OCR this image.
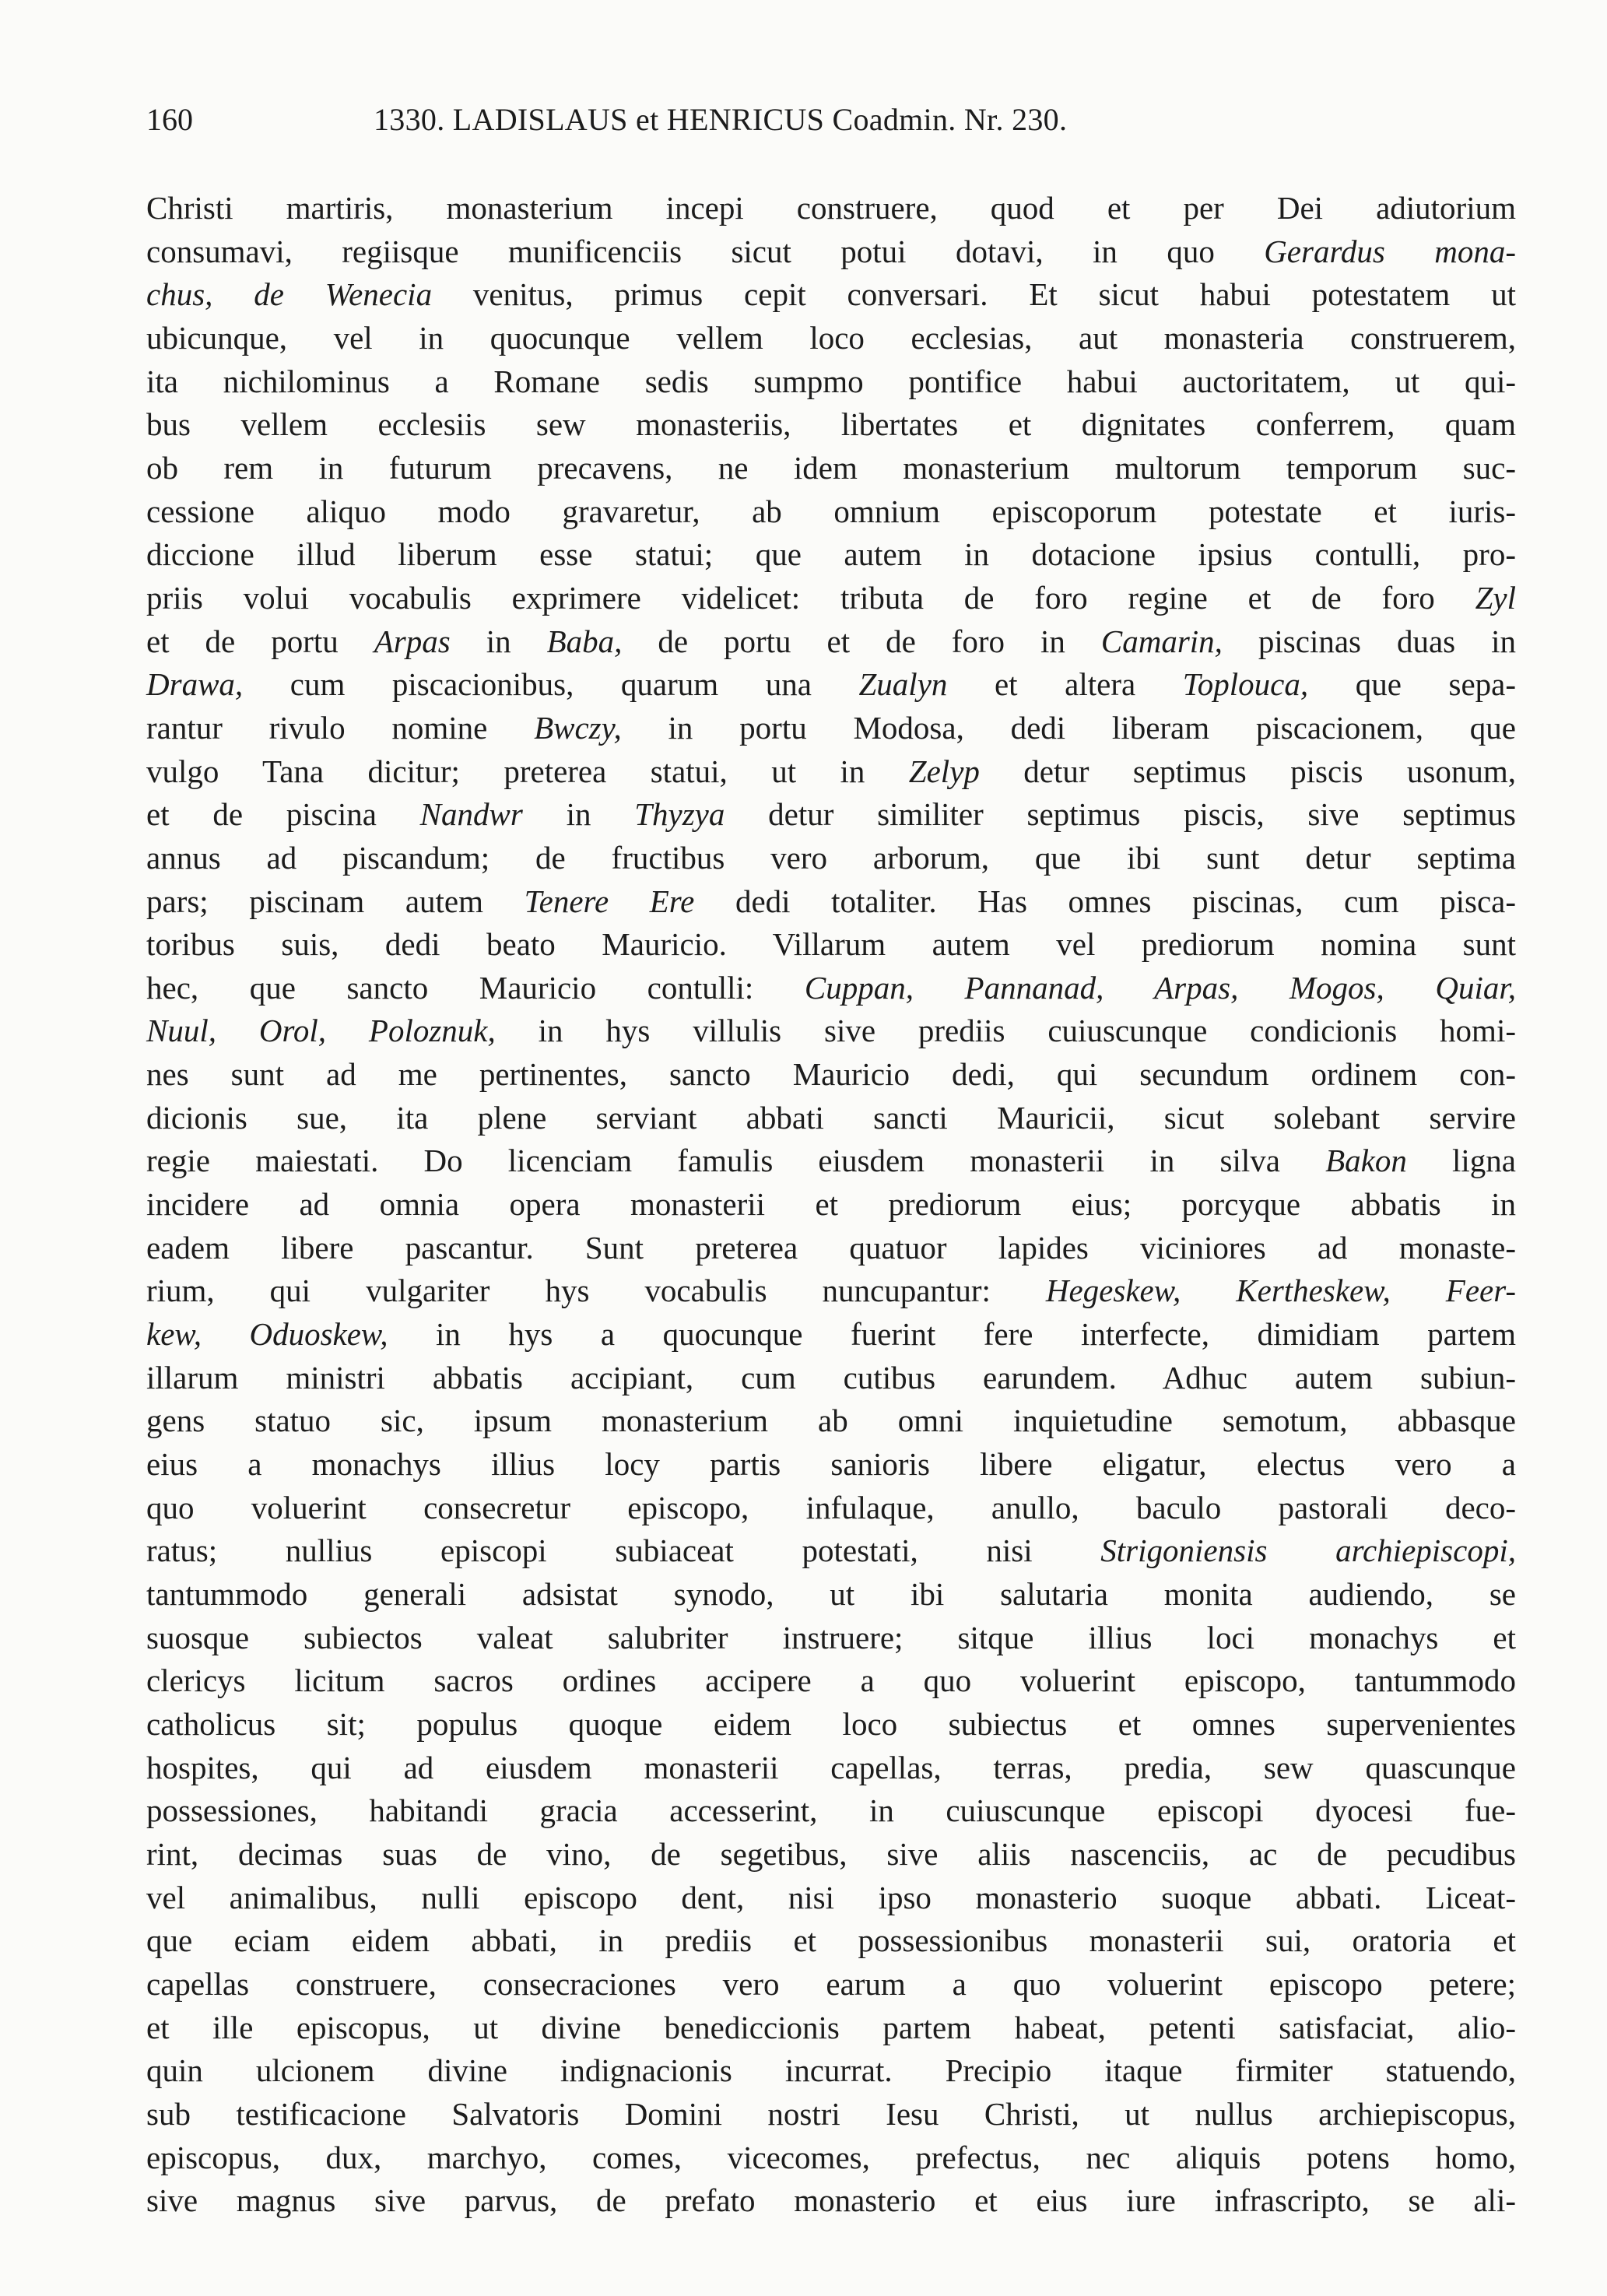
160	1330. LADISLAUS et HENRICUS Coadmin. Nr. 230.
Christi martiris, monasterium incepi construere, quod et per Dei adiutorium
consumavi, regiisque munificenciis sicut potui dotavi, in quo Gerardus mona-
chus, de Wenecia venitus, primus cepit conversari. Et sicut habui potestatem ut
ubicunque, vel in quocunque vellem loco ecclesias, aut monasteria construerem,
ita nichilominus a Romane sedis sumpmo pontifice habui auctoritatem, ut qui-
bus vellem ecclesiis sew monasteriis, libertates et dignitates conferrem, quam
ob rem in futurum precavens, ne idem monasterium multorum temporum suc-
cessione aliquo modo gravaretur, ab omnium episcoporum potestate et iuris-
diccione illud liberum esse statui; que autem in dotacione ipsius contulli, pro-
priis volui vocabulis exprimere videlicet: tributa de foro regine et de foro Zyl
et de portu Arpas in Baba, de portu et de foro in Camarin, piscinas duas in
Drawa, cum piscacionibus, quarum una Zualyn et altera Toplouca, que sepa-
rantur rivulo nomine Bwczy, in portu Modosa, dedi liberam piscacionem, que
vulgo Tana dicitur; preterea statui, ut in Zelyp detur septimus piscis usonum,
et de piscina Nandwr in Thyzya detur similiter septimus piscis, sive septimus
annus ad piscandum; de fructibus vero arborum, que ibi sunt detur septima
pars; piscinam autem Tenere Ere dedi totaliter. Has omnes piscinas, cum pisca-
toribus suis, dedi beato Mauricio. Villarum autem vel prediorum nomina sunt
hec, que sancto Mauricio contulli: Cuppan, Pannanad, Arpas, Mogos, Quiar,
Nuul, Orol, Poloznuk, in hys villulis sive prediis cuiuscunque condicionis homi-
nes sunt ad me pertinentes, sancto Mauricio dedi, qui secundum ordinem con-
dicionis sue, ita plene serviant abbati sancti Mauricii, sicut solebant servire
regie maiestati. Do licenciam famulis eiusdem monasterii in silva Bakon ligna
incidere ad omnia opera monasterii et prediorum eius; porcyque abbatis in
eadem libere pascantur. Sunt preterea quatuor lapides viciniores ad monaste-
rium, qui vulgariter hys vocabulis nuncupantur: Hegeskew, Kertheskew, Feer-
kew, Oduoskew, in hys a quocunque fuerint fere interfecte, dimidiam partem
illarum ministri abbatis accipiant, cum cutibus earundem. Adhuc autem subiun-
gens statuo sic, ipsum monasterium ab omni inquietudine semotum, abbasque
eius a monachys illius locy partis sanioris libere eligatur, electus vero a
quo voluerint consecretur episcopo, infulaque, anullo, baculo pastorali deco-
ratus; nullius episcopi subiaceat potestati, nisi Strigoniensis archiepiscopi,
tantummodo generali adsistat synodo, ut ibi salutaria monita audiendo, se
suosque subiectos valeat salubriter instruere; sitque illius loci monachys et
clericys licitum sacros ordines accipere a quo voluerint episcopo, tantummodo
catholicus sit; populus quoque eidem loco subiectus et omnes supervenientes
hospites, qui ad eiusdem monasterii capellas, terras, predia, sew quascunque
possessiones, habitandi gracia accesserint, in cuiuscunque episcopi dyocesi fue-
rint, decimas suas de vino, de segetibus, sive aliis nascenciis, ac de pecudibus
vel animalibus, nulli episcopo dent, nisi ipso monasterio suoque abbati. Liceat-
que eciam eidem abbati, in prediis et possessionibus monasterii sui, oratoria et
capellas construere, consecraciones vero earum a quo voluerint episcopo petere;
et ille episcopus, ut divine benediccionis partem habeat, petenti satisfaciat, alio-
quin ulcionem divine indignacionis incurrat. Precipio itaque firmiter statuendo,
sub testificacione Salvatoris Domini nostri Iesu Christi, ut nullus archiepiscopus,
episcopus, dux, marchyo, comes, vicecomes, prefectus, nec aliquis potens homo,
sive magnus sive parvus, de prefato monasterio et eius iure infrascripto, se ali-
